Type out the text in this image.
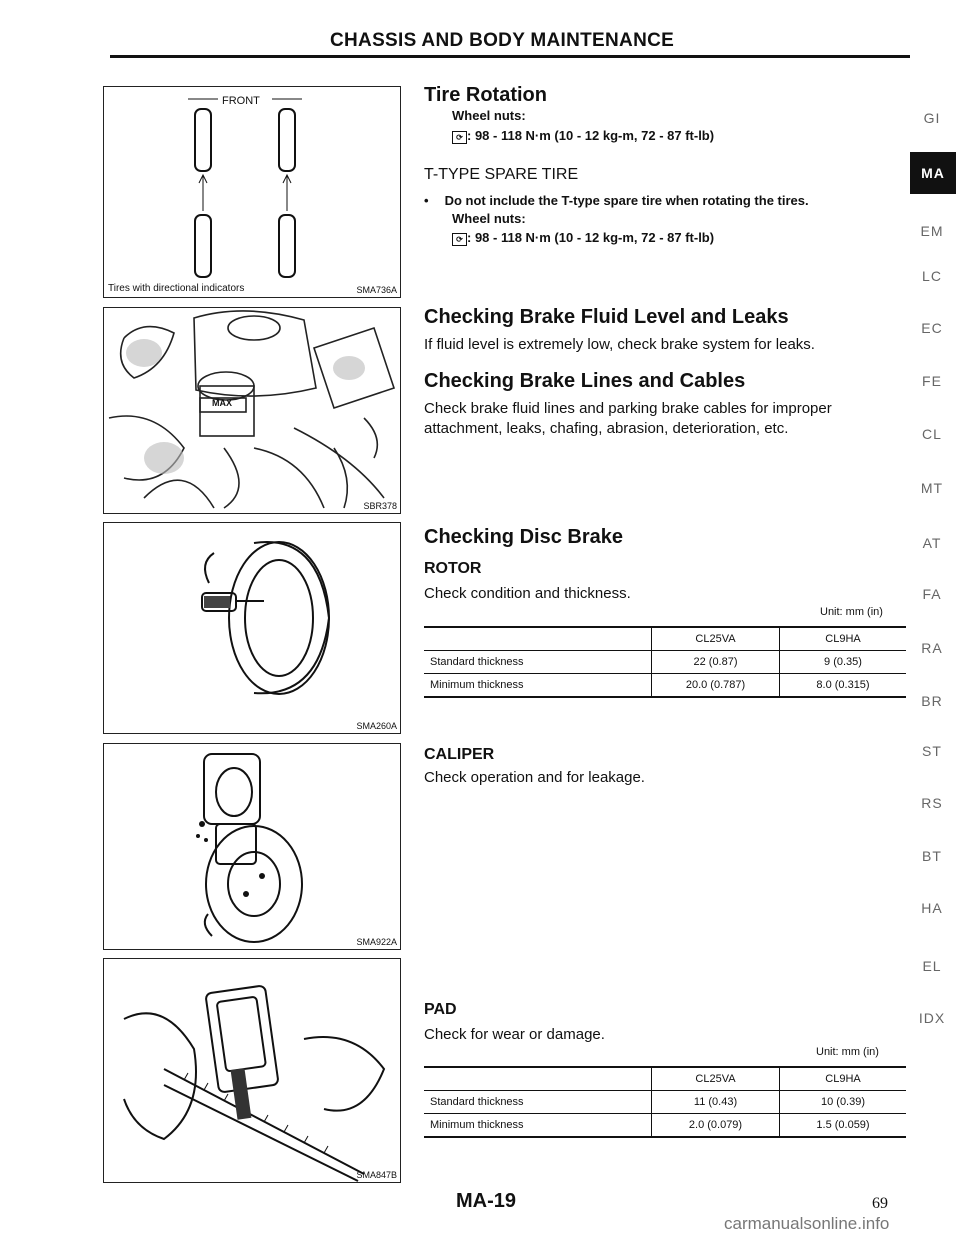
CHASSIS AND BODY MAINTENANCE
FRONT
Tires with directional indicators	SMA736A
MAX
SBR378
SMA260A
SMA922A
SMA847B
Tire Rotation
Wheel nuts:
⟳ : 98 - 118 N·m (10 - 12 kg-m, 72 - 87 ft-lb)
T-TYPE SPARE TIRE
• Do not include the T-type spare tire when rotating the tires.
Wheel nuts:
⟳ : 98 - 118 N·m (10 - 12 kg-m, 72 - 87 ft-lb)
Checking Brake Fluid Level and Leaks
If fluid level is extremely low, check brake system for leaks.
Checking Brake Lines and Cables
Check brake fluid lines and parking brake cables for improper attachment, leaks, chafing, abrasion, deterioration, etc.
Checking Disc Brake
ROTOR
Check condition and thickness.
Unit: mm (in)
	CL25VA	CL9HA
Standard thickness	22 (0.87)	9 (0.35)
Minimum thickness	20.0 (0.787)	8.0 (0.315)
CALIPER
Check operation and for leakage.
PAD
Check for wear or damage.
Unit: mm (in)
	CL25VA	CL9HA
Standard thickness	11 (0.43)	10 (0.39)
Minimum thickness	2.0 (0.079)	1.5 (0.059)
GI
MA
EM
LC
EC
FE
CL
MT
AT
FA
RA
BR
ST
RS
BT
HA
EL
IDX
MA-19	69
carmanualsonline.info
